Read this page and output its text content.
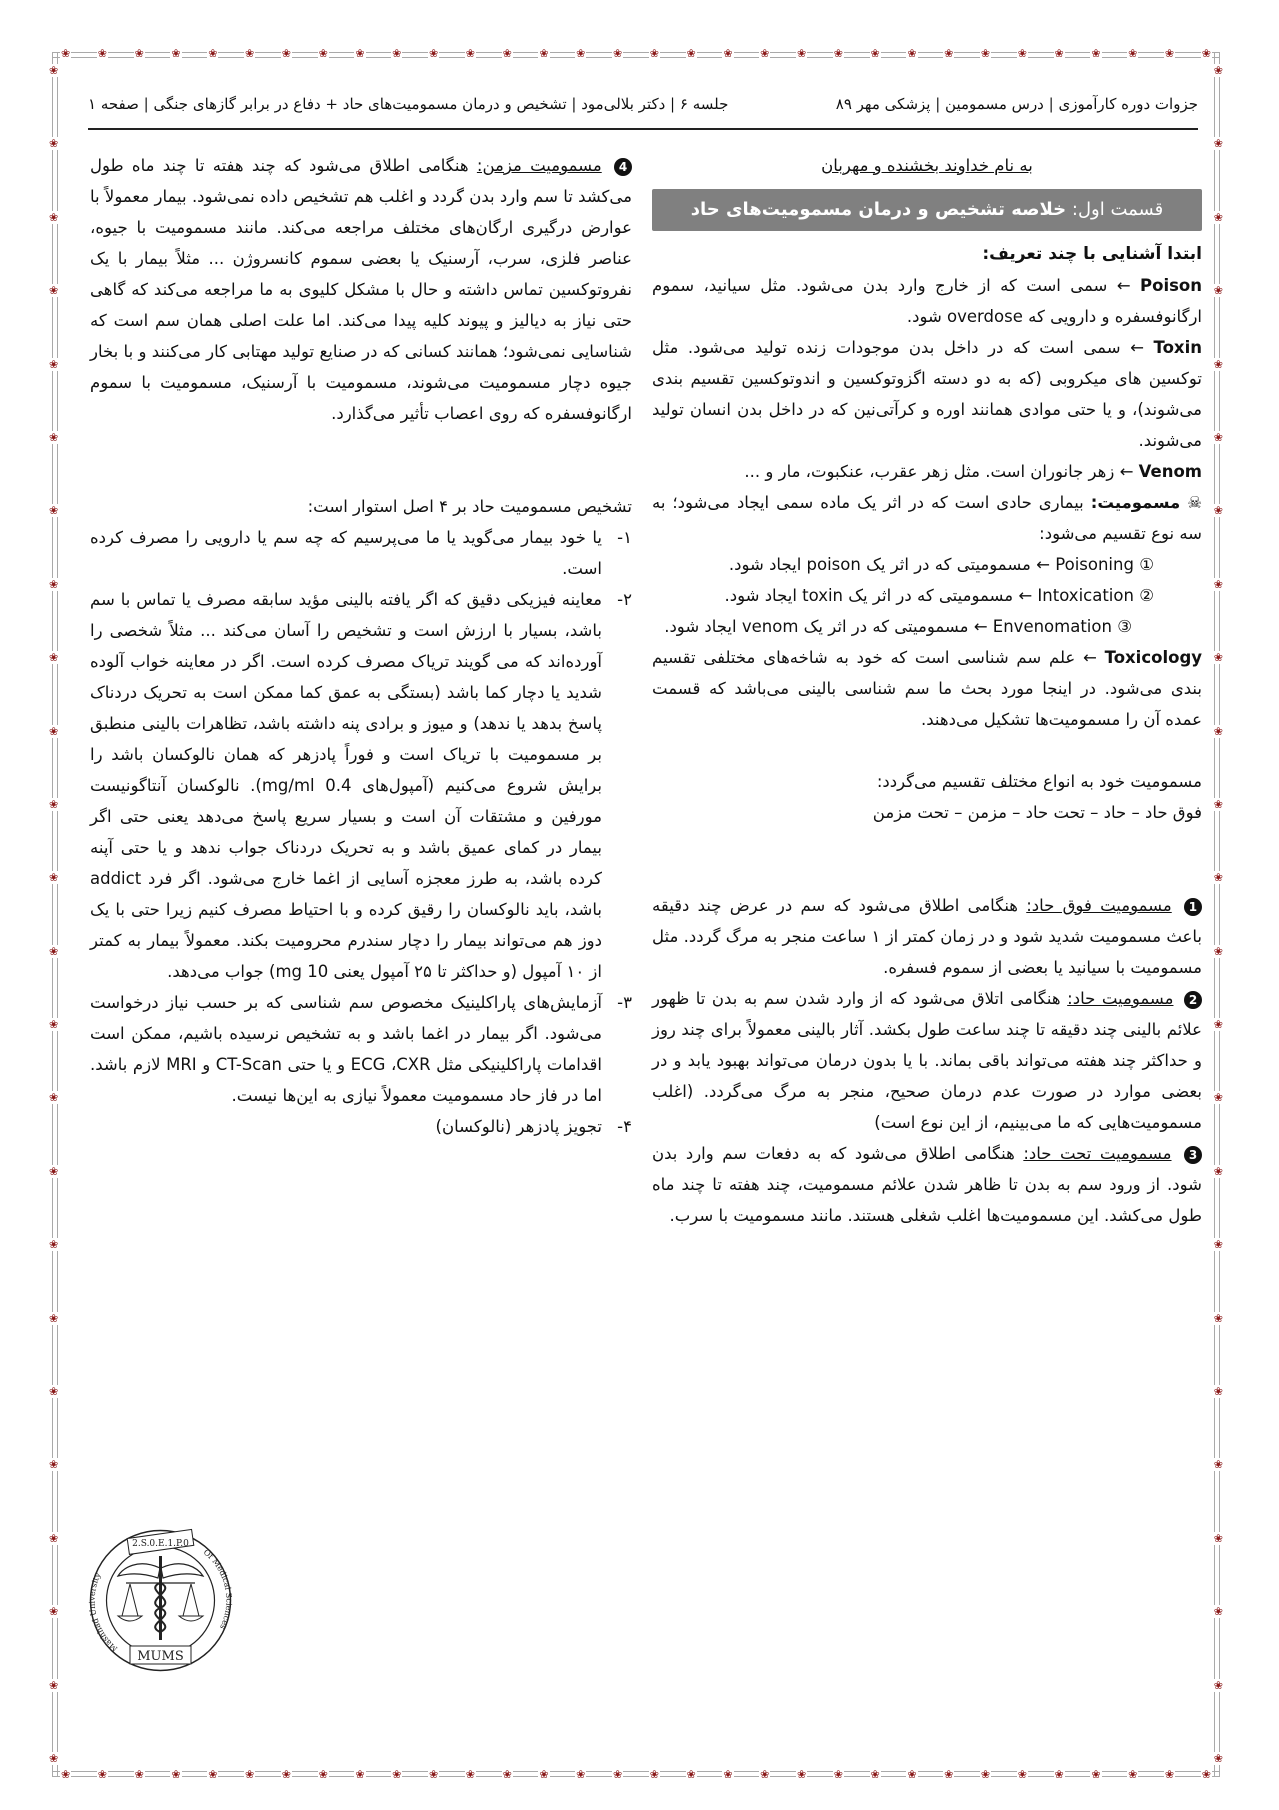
❀	❀	❀	❀	❀	❀	❀	❀	❀	❀	❀	❀	❀	❀	❀	❀	❀	❀	❀	❀	❀	❀	❀	❀	❀	❀	❀	❀	❀	❀	❀	❀
❀	❀	❀	❀	❀	❀	❀	❀	❀	❀	❀	❀	❀	❀	❀	❀	❀	❀	❀	❀	❀	❀	❀	❀	❀	❀	❀	❀	❀	❀	❀	❀
❀
❀
❀
❀
❀
❀
❀
❀
❀
❀
❀
❀
❀
❀
❀
❀
❀
❀
❀
❀
❀
❀
❀
❀
❀
❀
❀
❀
❀
❀
❀
❀
❀
❀
❀
❀
❀
❀
❀
❀
❀
❀
❀
❀
❀
❀
❀
❀
جزوات دوره کارآموزی | درس مسمومین | پزشکی مهر ۸۹
جلسه ۶ | دکتر بلالی‌مود | تشخیص و درمان مسمومیت‌های حاد + دفاع در برابر گازهای جنگی | صفحه ۱
به نام خداوند بخشنده و مهربان
قسمت اول: خلاصه تشخیص و درمان مسمومیت‌های حاد
ابتدا آشنایی با چند تعریف:
Poison ← سمی است که از خارج وارد بدن می‌شود. مثل سیانید، سموم ارگانوفسفره و دارویی که overdose شود.
Toxin ← سمی است که در داخل بدن موجودات زنده تولید می‌شود. مثل توکسین های میکروبی (که به دو دسته اگزوتوکسین و اندوتوکسین تقسیم بندی می‌شوند)، و یا حتی موادی همانند اوره و کرآتی‌نین که در داخل بدن انسان تولید می‌شوند.
Venom ← زهر جانوران است. مثل زهر عقرب، عنکبوت، مار و ...
☠ مسمومیت: بیماری حادی است که در اثر یک ماده سمی ایجاد می‌شود؛ به سه نوع تقسیم می‌شود:
① Poisoning ← مسمومیتی که در اثر یک poison ایجاد شود.
② Intoxication ← مسمومیتی که در اثر یک toxin ایجاد شود.
③ Envenomation ← مسمومیتی که در اثر یک venom ایجاد شود.
Toxicology ← علم سم شناسی است که خود به شاخه‌های مختلفی تقسیم بندی می‌شود. در اینجا مورد بحث ما سم شناسی بالینی می‌باشد که قسمت عمده آن را مسمومیت‌ها تشکیل می‌دهند.
مسمومیت خود به انواع مختلف تقسیم می‌گردد:
فوق حاد – حاد – تحت حاد – مزمن – تحت مزمن
1 مسمومیت فوق حاد: هنگامی اطلاق می‌شود که سم در عرض چند دقیقه باعث مسمومیت شدید شود و در زمان کمتر از ۱ ساعت منجر به مرگ گردد. مثل مسمومیت با سیانید یا بعضی از سموم فسفره.
2 مسمومیت حاد: هنگامی اتلاق می‌شود که از وارد شدن سم به بدن تا ظهور علائم بالینی چند دقیقه تا چند ساعت طول بکشد. آثار بالینی معمولاً برای چند روز و حداکثر چند هفته می‌تواند باقی بماند. با یا بدون درمان می‌تواند بهبود یابد و در بعضی موارد در صورت عدم درمان صحیح، منجر به مرگ می‌گردد. (اغلب مسمومیت‌هایی که ما می‌بینیم، از این نوع است)
3 مسمومیت تحت حاد: هنگامی اطلاق می‌شود که به دفعات سم وارد بدن شود. از ورود سم به بدن تا ظاهر شدن علائم مسمومیت، چند هفته تا چند ماه طول می‌کشد. این مسمومیت‌ها اغلب شغلی هستند. مانند مسمومیت با سرب.
4 مسمومیت مزمن: هنگامی اطلاق می‌شود که چند هفته تا چند ماه طول می‌کشد تا سم وارد بدن گردد و اغلب هم تشخیص داده نمی‌شود. بیمار معمولاً با عوارض درگیری ارگان‌های مختلف مراجعه می‌کند. مانند مسمومیت با جیوه، عناصر فلزی، سرب، آرسنیک یا بعضی سموم کانسروژن ... مثلاً بیمار با یک نفروتوکسین تماس داشته و حال با مشکل کلیوی به ما مراجعه می‌کند که گاهی حتی نیاز به دیالیز و پیوند کلیه پیدا می‌کند. اما علت اصلی همان سم است که شناسایی نمی‌شود؛ همانند کسانی که در صنایع تولید مهتابی کار می‌کنند و با بخار جیوه دچار مسمومیت می‌شوند، مسمومیت با آرسنیک، مسمومیت با سموم ارگانوفسفره که روی اعصاب تأثیر می‌گذارد.
تشخیص مسمومیت حاد بر ۴ اصل استوار است:
۱-
یا خود بیمار می‌گوید یا ما می‌پرسیم که چه سم یا دارویی را مصرف کرده است.
۲-
معاینه فیزیکی دقیق که اگر یافته بالینی مؤید سابقه مصرف یا تماس با سم باشد، بسیار با ارزش است و تشخیص را آسان می‌کند ... مثلاً شخصی را آورده‌اند که می گویند تریاک مصرف کرده است. اگر در معاینه خواب آلوده شدید یا دچار کما باشد (بستگی به عمق کما ممکن است به تحریک دردناک پاسخ بدهد یا ندهد) و میوز و برادی پنه داشته باشد، تظاهرات بالینی منطبق بر مسمومیت با تریاک است و فوراً پادزهر که همان نالوکسان باشد را برایش شروع می‌کنیم (آمپول‌های 0.4 mg/ml). نالوکسان آنتاگونیست مورفین و مشتقات آن است و بسیار سریع پاسخ می‌دهد یعنی حتی اگر بیمار در کمای عمیق باشد و به تحریک دردناک جواب ندهد و یا حتی آپنه کرده باشد، به طرز معجزه آسایی از اغما خارج می‌شود. اگر فرد addict باشد، باید نالوکسان را رقیق کرده و با احتیاط مصرف کنیم زیرا حتی با یک دوز هم می‌تواند بیمار را دچار سندرم محرومیت بکند. معمولاً بیمار به کمتر از ۱۰ آمپول (و حداکثر تا ۲۵ آمپول یعنی 10 mg) جواب می‌دهد.
۳-
آزمایش‌های پاراکلینیک مخصوص سم شناسی که بر حسب نیاز درخواست می‌شود. اگر بیمار در اغما باشد و به تشخیص نرسیده باشیم، ممکن است اقدامات پاراکلینیکی مثل ECG ،CXR و یا حتی CT-Scan و MRI لازم باشد. اما در فاز حاد مسمومیت معمولاً نیازی به این‌ها نیست.
۴-
تجویز پادزهر (نالوکسان)
2.S.0.E.1.P.0
Mashhad University
Of Medical Sciences
MUMS
